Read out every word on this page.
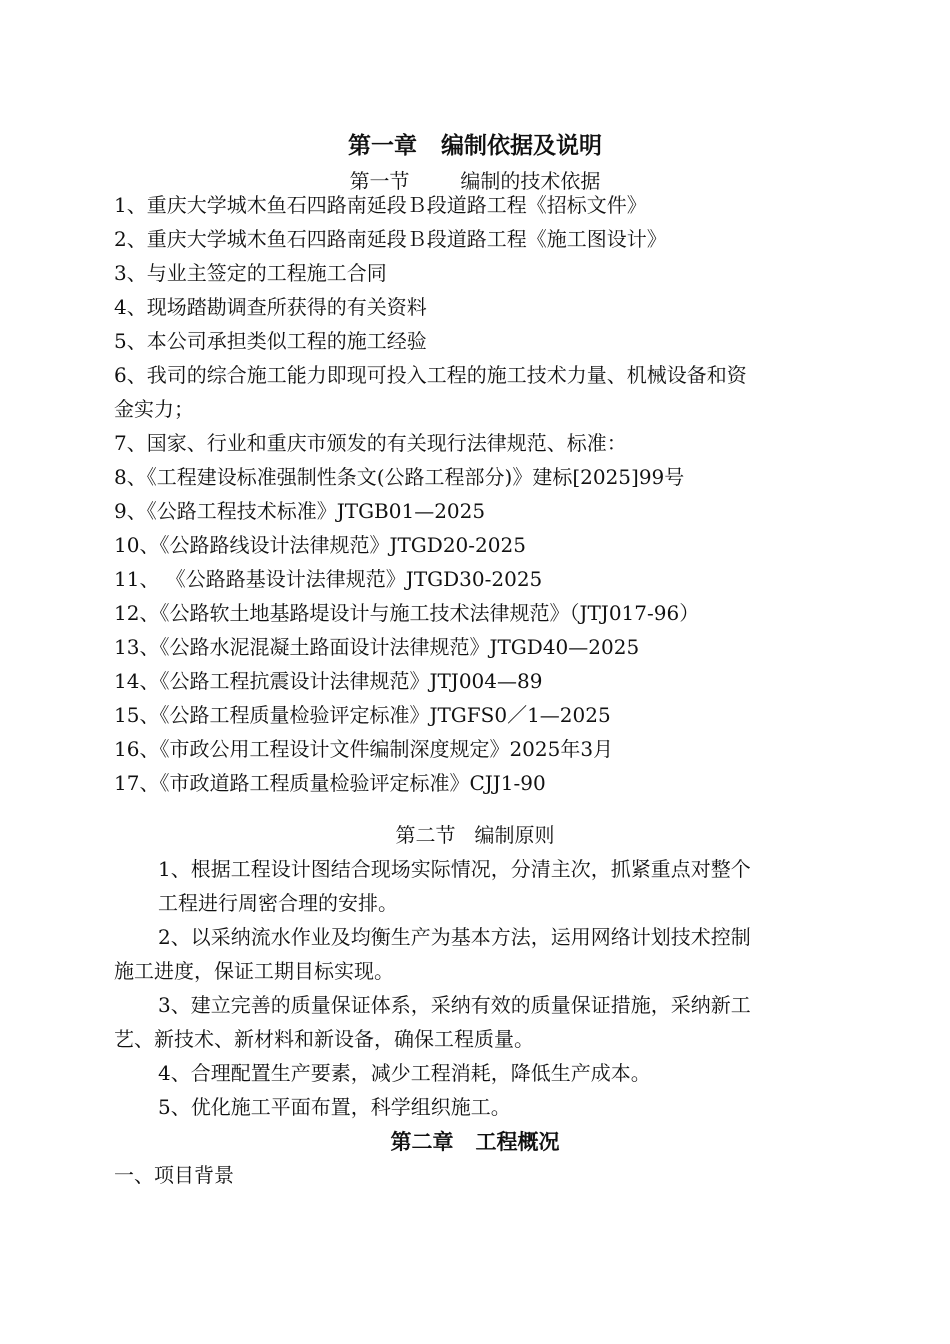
第一章   编制依据及说明
第一节        编制的技术依据
1、重庆大学城木鱼石四路南延段Ｂ段道路工程《招标文件》
2、重庆大学城木鱼石四路南延段Ｂ段道路工程《施工图设计》
3、与业主签定的工程施工合同
4、现场踏勘调查所获得的有关资料
5、本公司承担类似工程的施工经验
6、我司的综合施工能力即现可投入工程的施工技术力量、机械设备和资
金实力；
7、国家、行业和重庆市颁发的有关现行法律规范、标准：
8、《工程建设标准强制性条文(公路工程部分)》建标[2025]99号
9、《公路工程技术标准》JTGB01—2025
10、《公路路线设计法律规范》JTGD20-2025
11、 《公路路基设计法律规范》JTGD30-2025
12、《公路软土地基路堤设计与施工技术法律规范》（JTJ017-96）
13、《公路水泥混凝土路面设计法律规范》JTGD40—2025
14、《公路工程抗震设计法律规范》JTJ004—89
15、《公路工程质量检验评定标准》JTGFS0／1—2025
16、《市政公用工程设计文件编制深度规定》2025年3月
17、《市政道路工程质量检验评定标准》CJJ1-90
第二节   编制原则
1、根据工程设计图结合现场实际情况，分清主次，抓紧重点对整个
工程进行周密合理的安排。
2、以采纳流水作业及均衡生产为基本方法，运用网络计划技术控制
施工进度，保证工期目标实现。
3、建立完善的质量保证体系，采纳有效的质量保证措施，采纳新工
艺、新技术、新材料和新设备，确保工程质量。
4、合理配置生产要素，减少工程消耗，降低生产成本。
5、优化施工平面布置，科学组织施工。
第二章   工程概况
一、项目背景
